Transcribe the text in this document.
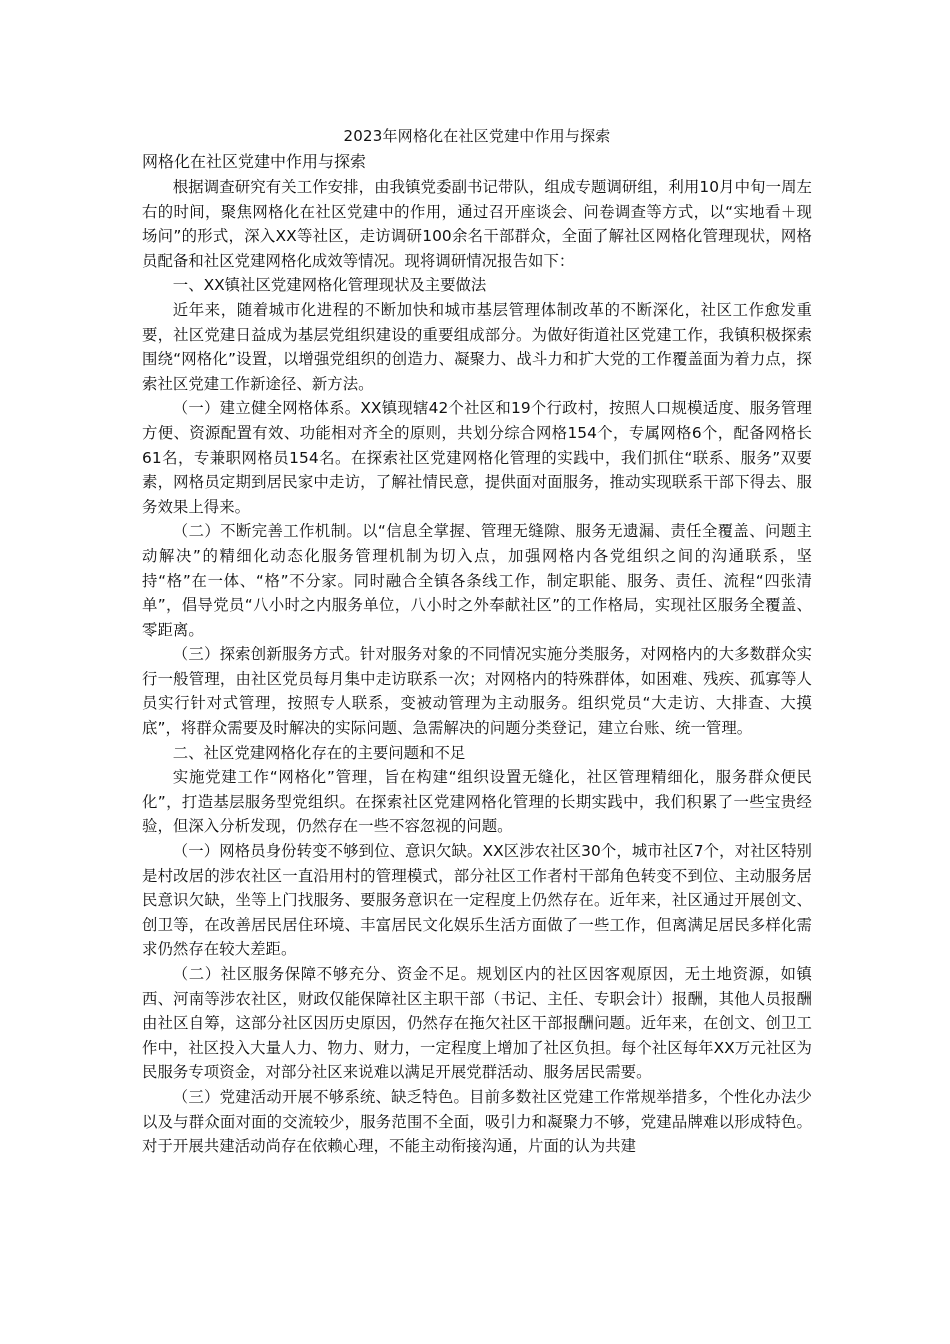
2023年网格化在社区党建中作用与探索
网格化在社区党建中作用与探索

根据调查研究有关工作安排，由我镇党委副书记带队，组成专题调研组，利用10月中旬一周左右的时间，聚焦网格化在社区党建中的作用，通过召开座谈会、问卷调查等方式，以“实地看＋现场问”的形式，深入XX等社区，走访调研100余名干部群众，全面了解社区网格化管理现状，网格员配备和社区党建网格化成效等情况。现将调研情况报告如下：

一、XX镇社区党建网格化管理现状及主要做法

近年来，随着城市化进程的不断加快和城市基层管理体制改革的不断深化，社区工作愈发重要，社区党建日益成为基层党组织建设的重要组成部分。为做好街道社区党建工作，我镇积极探索围绕“网格化”设置，以增强党组织的创造力、凝聚力、战斗力和扩大党的工作覆盖面为着力点，探索社区党建工作新途径、新方法。

（一）建立健全网格体系。XX镇现辖42个社区和19个行政村，按照人口规模适度、服务管理方便、资源配置有效、功能相对齐全的原则，共划分综合网格154个，专属网格6个，配备网格长61名，专兼职网格员154名。在探索社区党建网格化管理的实践中，我们抓住“联系、服务”双要素，网格员定期到居民家中走访，了解社情民意，提供面对面服务，推动实现联系干部下得去、服务效果上得来。

（二）不断完善工作机制。以“信息全掌握、管理无缝隙、服务无遗漏、责任全覆盖、问题主动解决”的精细化动态化服务管理机制为切入点，加强网格内各党组织之间的沟通联系，坚持“格”在一体、“格”不分家。同时融合全镇各条线工作，制定职能、服务、责任、流程“四张清单”，倡导党员“八小时之内服务单位，八小时之外奉献社区”的工作格局，实现社区服务全覆盖、零距离。

（三）探索创新服务方式。针对服务对象的不同情况实施分类服务，对网格内的大多数群众实行一般管理，由社区党员每月集中走访联系一次；对网格内的特殊群体，如困难、残疾、孤寡等人员实行针对式管理，按照专人联系，变被动管理为主动服务。组织党员“大走访、大排查、大摸底”，将群众需要及时解决的实际问题、急需解决的问题分类登记，建立台账、统一管理。

二、社区党建网格化存在的主要问题和不足

实施党建工作“网格化”管理，旨在构建“组织设置无缝化，社区管理精细化，服务群众便民化”，打造基层服务型党组织。在探索社区党建网格化管理的长期实践中，我们积累了一些宝贵经验，但深入分析发现，仍然存在一些不容忽视的问题。

（一）网格员身份转变不够到位、意识欠缺。XX区涉农社区30个，城市社区7个，对社区特别是村改居的涉农社区一直沿用村的管理模式，部分社区工作者村干部角色转变不到位、主动服务居民意识欠缺，坐等上门找服务、要服务意识在一定程度上仍然存在。近年来，社区通过开展创文、创卫等，在改善居民居住环境、丰富居民文化娱乐生活方面做了一些工作，但离满足居民多样化需求仍然存在较大差距。

（二）社区服务保障不够充分、资金不足。规划区内的社区因客观原因，无土地资源，如镇西、河南等涉农社区，财政仅能保障社区主职干部（书记、主任、专职会计）报酬，其他人员报酬由社区自筹，这部分社区因历史原因，仍然存在拖欠社区干部报酬问题。近年来，在创文、创卫工作中，社区投入大量人力、物力、财力，一定程度上增加了社区负担。每个社区每年XX万元社区为民服务专项资金，对部分社区来说难以满足开展党群活动、服务居民需要。

（三）党建活动开展不够系统、缺乏特色。目前多数社区党建工作常规举措多，个性化办法少以及与群众面对面的交流较少，服务范围不全面，吸引力和凝聚力不够，党建品牌难以形成特色。对于开展共建活动尚存在依赖心理，不能主动衔接沟通，片面的认为共建
